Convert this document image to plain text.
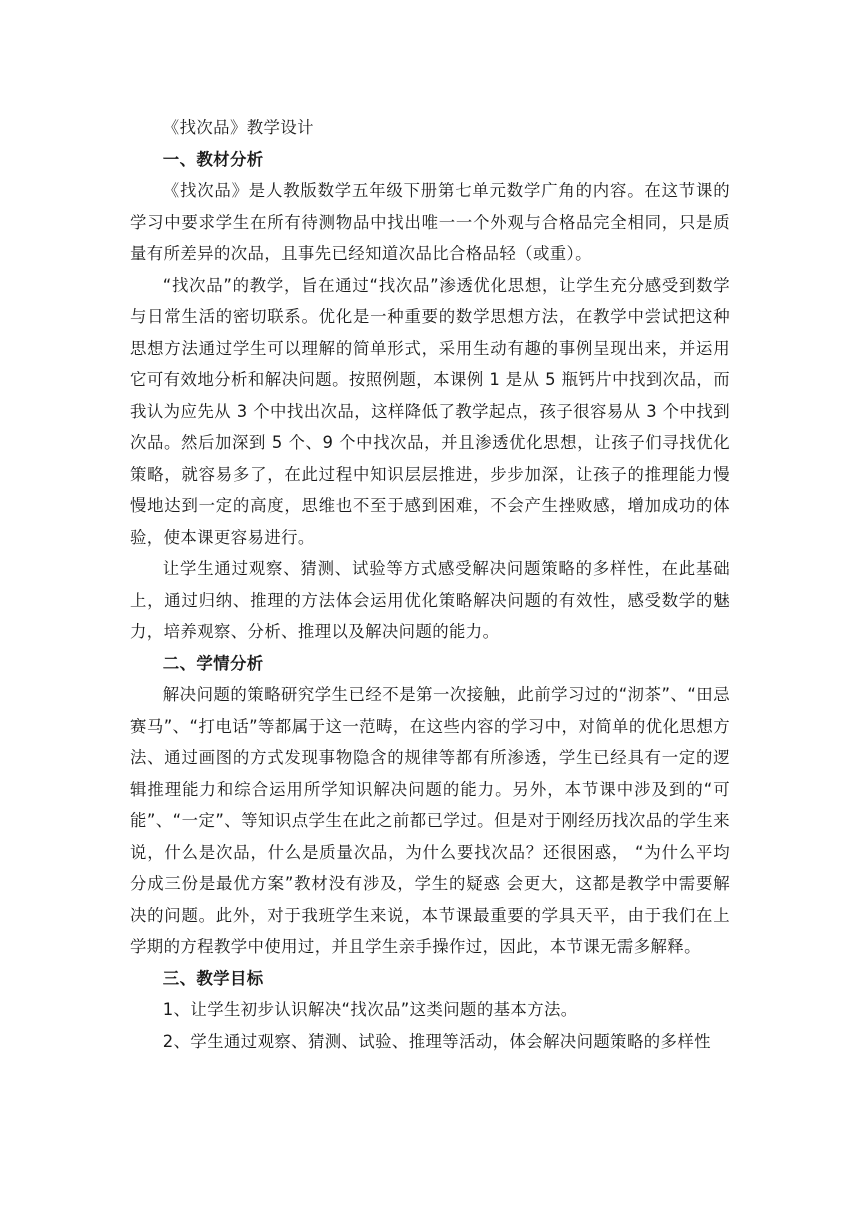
《找次品》教学设计

一、教材分析

《找次品》是人教版数学五年级下册第七单元数学广角的内容。在这节课的学习中要求学生在所有待测物品中找出唯一一个外观与合格品完全相同，只是质量有所差异的次品，且事先已经知道次品比合格品轻（或重）。

“找次品”的教学，旨在通过“找次品”渗透优化思想，让学生充分感受到数学与日常生活的密切联系。优化是一种重要的数学思想方法，在教学中尝试把这种思想方法通过学生可以理解的简单形式，采用生动有趣的事例呈现出来，并运用它可有效地分析和解决问题。按照例题，本课例 1 是从 5 瓶钙片中找到次品，而我认为应先从 3 个中找出次品，这样降低了教学起点，孩子很容易从 3 个中找到次品。然后加深到 5 个、9 个中找次品，并且渗透优化思想，让孩子们寻找优化策略，就容易多了，在此过程中知识层层推进，步步加深，让孩子的推理能力慢慢地达到一定的高度，思维也不至于感到困难，不会产生挫败感，增加成功的体验，使本课更容易进行。

让学生通过观察、猜测、试验等方式感受解决问题策略的多样性，在此基础上，通过归纳、推理的方法体会运用优化策略解决问题的有效性，感受数学的魅力，培养观察、分析、推理以及解决问题的能力。

二、学情分析

解决问题的策略研究学生已经不是第一次接触，此前学习过的“沏茶”、“田忌赛马”、“打电话”等都属于这一范畴，在这些内容的学习中，对简单的优化思想方法、通过画图的方式发现事物隐含的规律等都有所渗透，学生已经具有一定的逻辑推理能力和综合运用所学知识解决问题的能力。另外，本节课中涉及到的“可能”、“一定”、等知识点学生在此之前都已学过。但是对于刚经历找次品的学生来说，什么是次品，什么是质量次品，为什么要找次品？还很困惑， “为什么平均分成三份是最优方案”教材没有涉及，学生的疑惑 会更大，这都是教学中需要解决的问题。此外，对于我班学生来说，本节课最重要的学具天平，由于我们在上学期的方程教学中使用过，并且学生亲手操作过，因此，本节课无需多解释。

三、教学目标

1、让学生初步认识解决“找次品”这类问题的基本方法。

2、学生通过观察、猜测、试验、推理等活动，体会解决问题策略的多样性
